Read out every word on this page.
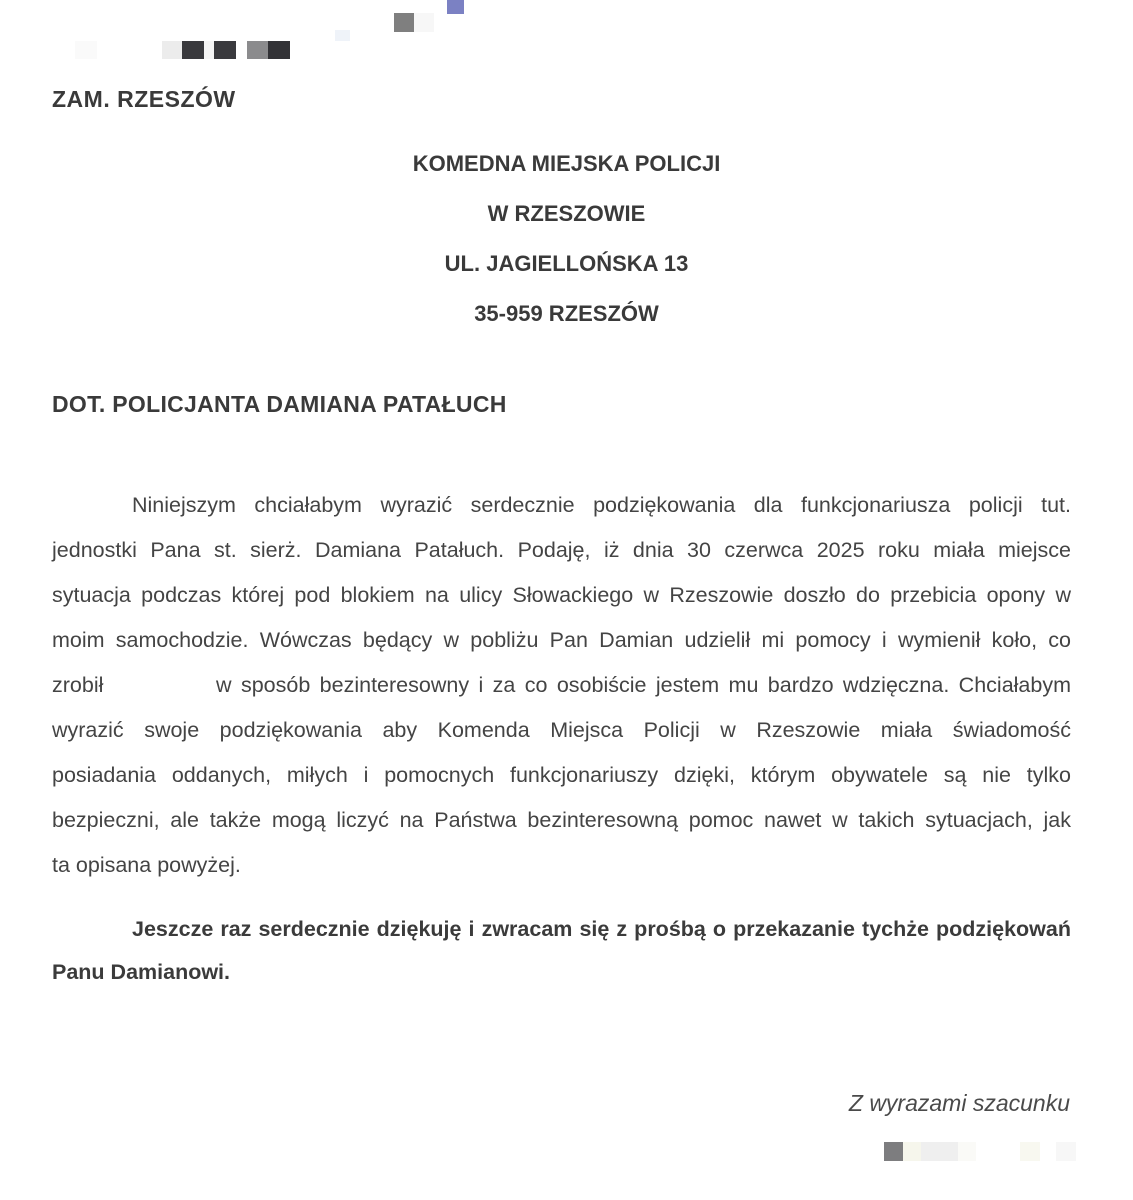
ZAM. RZESZÓW
KOMEDNA MIEJSKA POLICJI
W RZESZOWIE
UL. JAGIELLOŃSKA 13
35-959 RZESZÓW
DOT. POLICJANTA DAMIANA PATAŁUCH
Niniejszym chciałabym wyrazić serdecznie podziękowania dla funkcjonariusza policji tut.
jednostki Pana st. sierż. Damiana Patałuch. Podaję, iż dnia 30 czerwca 2025 roku miała miejsce
sytuacja podczas której pod blokiem na ulicy Słowackiego w Rzeszowie doszło do przebicia opony w
moim samochodzie. Wówczas będący w pobliżu Pan Damian udzielił mi pomocy i wymienił koło, co
zrobił            w sposób bezinteresowny i za co osobiście jestem mu bardzo wdzięczna. Chciałabym
wyrazić swoje podziękowania aby Komenda Miejsca Policji w Rzeszowie miała świadomość
posiadania oddanych, miłych i pomocnych funkcjonariuszy dzięki, którym obywatele są nie tylko
bezpieczni, ale także mogą liczyć na Państwa bezinteresowną pomoc nawet w takich sytuacjach, jak
ta opisana powyżej.
Jeszcze raz serdecznie dziękuję i zwracam się z prośbą o przekazanie tychże podziękowań
Panu Damianowi.
Z wyrazami szacunku
